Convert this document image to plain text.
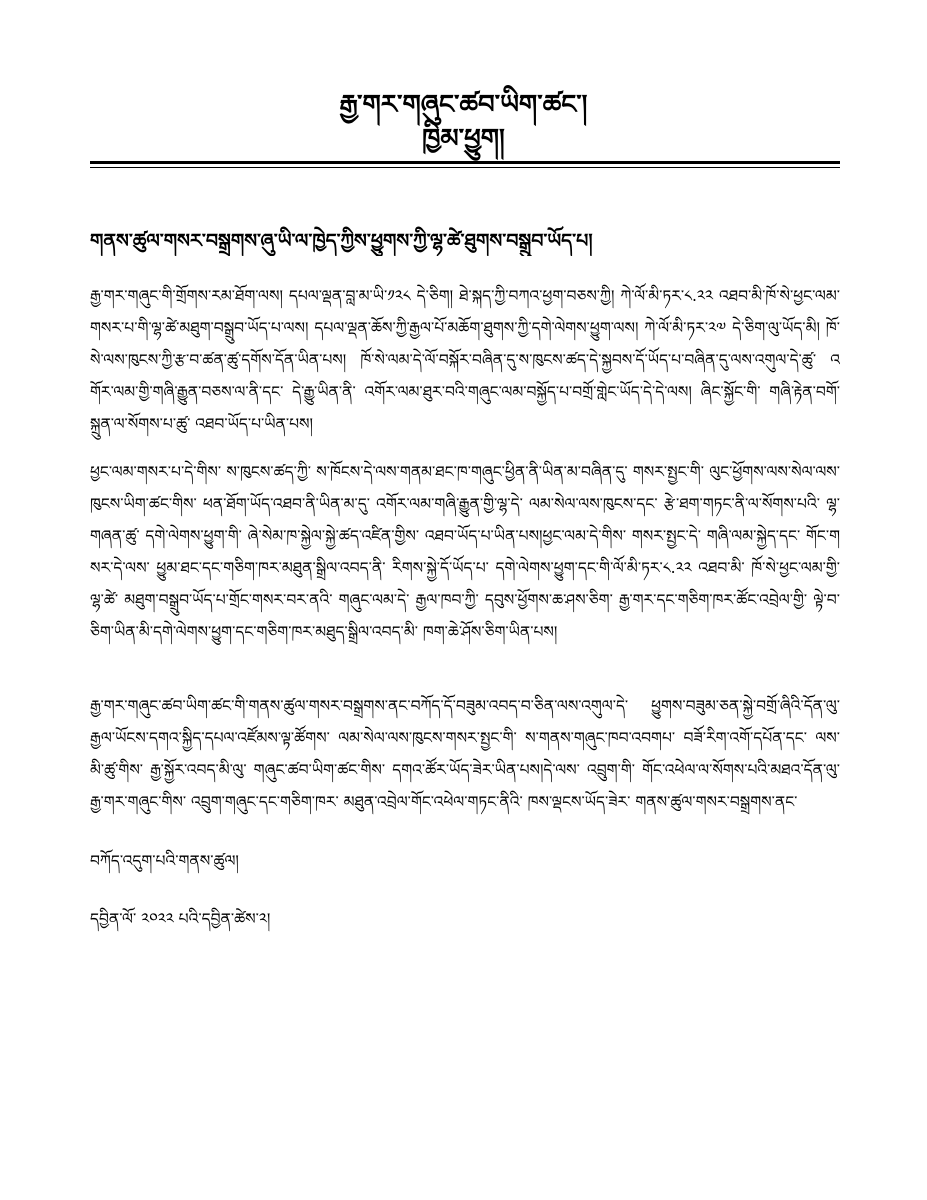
རྒྱ་གར་གཞུང་ཚབ་ཡིག་ཚང་།
ཁྱིམ་ཕྱུག།
གནས་ཚུལ་གསར་བསྒྲགས་ཞུ་ཡི་ལ་ཁྱེད་ཀྱིས་ཕྱུགས་ཀྱི་ལྷ་ཚེ་ཐུགས་བསྒྲུབ་ཡོད་པ།
རྒྱ་གར་གཞུང་གི་གྲོགས་རམ་ཐོག་ལས། དཔལ་ལྡན་བླ་མ་ཡི་༡༢༨ དེ་ཅིག། ཐེ་སྐད་ཀྱི་བཀའ་ཕྱག་བཅས་ཀྱི། ཀེ་ལོ་མི་ཏར་༨.༢༢ འཐབ་མི་ཁོ་སེ་ཕྱང་ལམ་གསར་པ་གི་ལྷ་ཚེ་མཐུག་བསྒྲུབ་ཡོད་པ་ལས། དཔལ་ལྡན་ཆོས་ཀྱི་རྒྱལ་པོ་མཆོག་ཐུགས་ཀྱི་དགེ་ལེགས་ཕྱུག་ལས། ཀེ་ལོ་མི་ཏར་༢༧ དེ་ཅིག་ལུ་ཡོད་མི། ཁོ་སེ་ལས་ཁུངས་ཀྱི་རྩ་བ་ཚན་ཚུ་དགོས་དོན་ཡིན་པས། ཁོ་སེ་ལམ་དེ་ལོ་བསྐོར་བཞིན་དུ་ས་ཁུངས་ཚད་དེ་སྐྱབས་དོ་ཡོད་པ་བཞིན་དུ་ལས་འགུལ་དེ་ཚུ་ འགོར་ལམ་གྱི་གཞི་རྒྱུན་བཅས་ལ་ནི་དང་ དེ་རྒྱུ་ཡིན་ནི་ འགོར་ལམ་ཐུར་བའི་གཞུང་ལམ་བསྐྱོད་པ་བགྲོ་གླེང་ཡོད་དེ་དེ་ལས། ཞིང་སྐྱོང་གི་ གཞི་རྟེན་བགོ་སྐྲུན་ལ་སོགས་པ་ཚུ་ འཐབ་ཡོད་པ་ཡིན་པས།
ཕྱང་ལམ་གསར་པ་དེ་གིས་ ས་ཁུངས་ཚད་ཀྱི་ ས་ཁོངས་དེ་ལས་གནམ་ཐང་ཁ་གཞུང་ཕྱིན་ནི་ཡིན་མ་བཞིན་དུ་ གསར་སྤྱང་གི་ ལུང་ཕྱོགས་ལས་སེལ་ལས་ཁུངས་ཡིག་ཚང་གིས་ ཕན་ཐོག་ཡོད་འཐབ་ནི་ཡིན་མ་དུ་ འགོར་ལམ་གཞི་རྒྱུན་གྱི་ལྷ་དེ་ ལམ་སེལ་ལས་ཁུངས་དང་ རྩེ་ཐག་གཏང་ནི་ལ་སོགས་པའི་ ལྷ་གཞན་ཚུ་ དགེ་ལེགས་ཕྱུག་གི་ ཞེ་སེམ་ཁ་སྐྱེལ་སྐྱེ་ཚད་འཛིན་གྱིས་ འཐབ་ཡོད་པ་ཡིན་པས།ཕྱང་ལམ་དེ་གིས་ གསར་སྤྱང་དེ་ གཞི་ལམ་སྐྱེད་དང་ གོང་གསར་དེ་ལས་ ཕྱུམ་ཐང་དང་གཅིག་ཁར་མཐུན་སྒྲིལ་འབད་ནི་ རིགས་སྐྱེ་དོ་ཡོད་པ་ དགེ་ལེགས་ཕྱུག་དང་གི་ལོ་མི་ཏར་༨.༢༢ འཐབ་མི་ ཁོ་སེ་ཕྱང་ལམ་གྱི་ལྷ་ཚེ་ མཐུག་བསྒྲུབ་ཡོད་པ་གྲོང་གསར་བར་ནའི་ གཞུང་ལམ་དེ་ རྒྱལ་ཁབ་ཀྱི་ དབུས་ཕྱོགས་ཆ་ཤས་ཅིག་ རྒྱ་གར་དང་གཅིག་ཁར་ཚོང་འབྲེལ་གྱི་ ལྟེ་བ་ཅིག་ཡིན་མི་དགེ་ལེགས་ཕྱུག་དང་གཅིག་ཁར་མཐུད་སྒྲིལ་འབད་མི་ ཁག་ཆེ་ཤོས་ཅིག་ཡིན་པས།
རྒྱ་གར་གཞུང་ཚབ་ཡིག་ཚང་གི་གནས་ཚུལ་གསར་བསྒྲགས་ནང་བཀོད་དོ་བཟུམ་འབད་བ་ཅིན་ལས་འགུལ་དེ་ ཕྱུགས་བཟུམ་ཅན་སྐྱེ་བགྲོ་ཞིའི་དོན་ལུ་ རྒྱལ་ཡོངས་དགའ་སྐྱིད་དཔལ་འཛོམས་ལྟ་ཚོགས་ ལམ་སེལ་ལས་ཁུངས་གསར་སྤྱང་གི་ ས་གནས་གཞུང་ཁབ་འབགཔ་ བཟོ་རིག་འགོ་དཔོན་དང་ ལས་མི་ཚུ་གིས་ རྒྱ་སྐྱོར་འབད་མི་ལུ་ གཞུང་ཚབ་ཡིག་ཚང་གིས་ དགའ་ཚོར་ཡོད་ཟེར་ཡིན་པས།དེ་ལས་ འབྲུག་གི་ གོང་འཕེལ་ལ་སོགས་པའི་མཐའ་དོན་ལུ་རྒྱ་གར་གཞུང་གིས་ འབྲུག་གཞུང་དང་གཅིག་ཁར་ མཐུན་འབྲེལ་གོང་འཕེལ་གཏང་ནིའི་ ཁས་ལྡངས་ཡོད་ཟེར་ གནས་ཚུལ་གསར་བསྒྲགས་ནང་
བཀོད་འདུག་པའི་གནས་ཚུལ།
དབྱིན་ལོ་ ༢༠༢༢ པའི་དབྱིན་ཚེས་༢།
